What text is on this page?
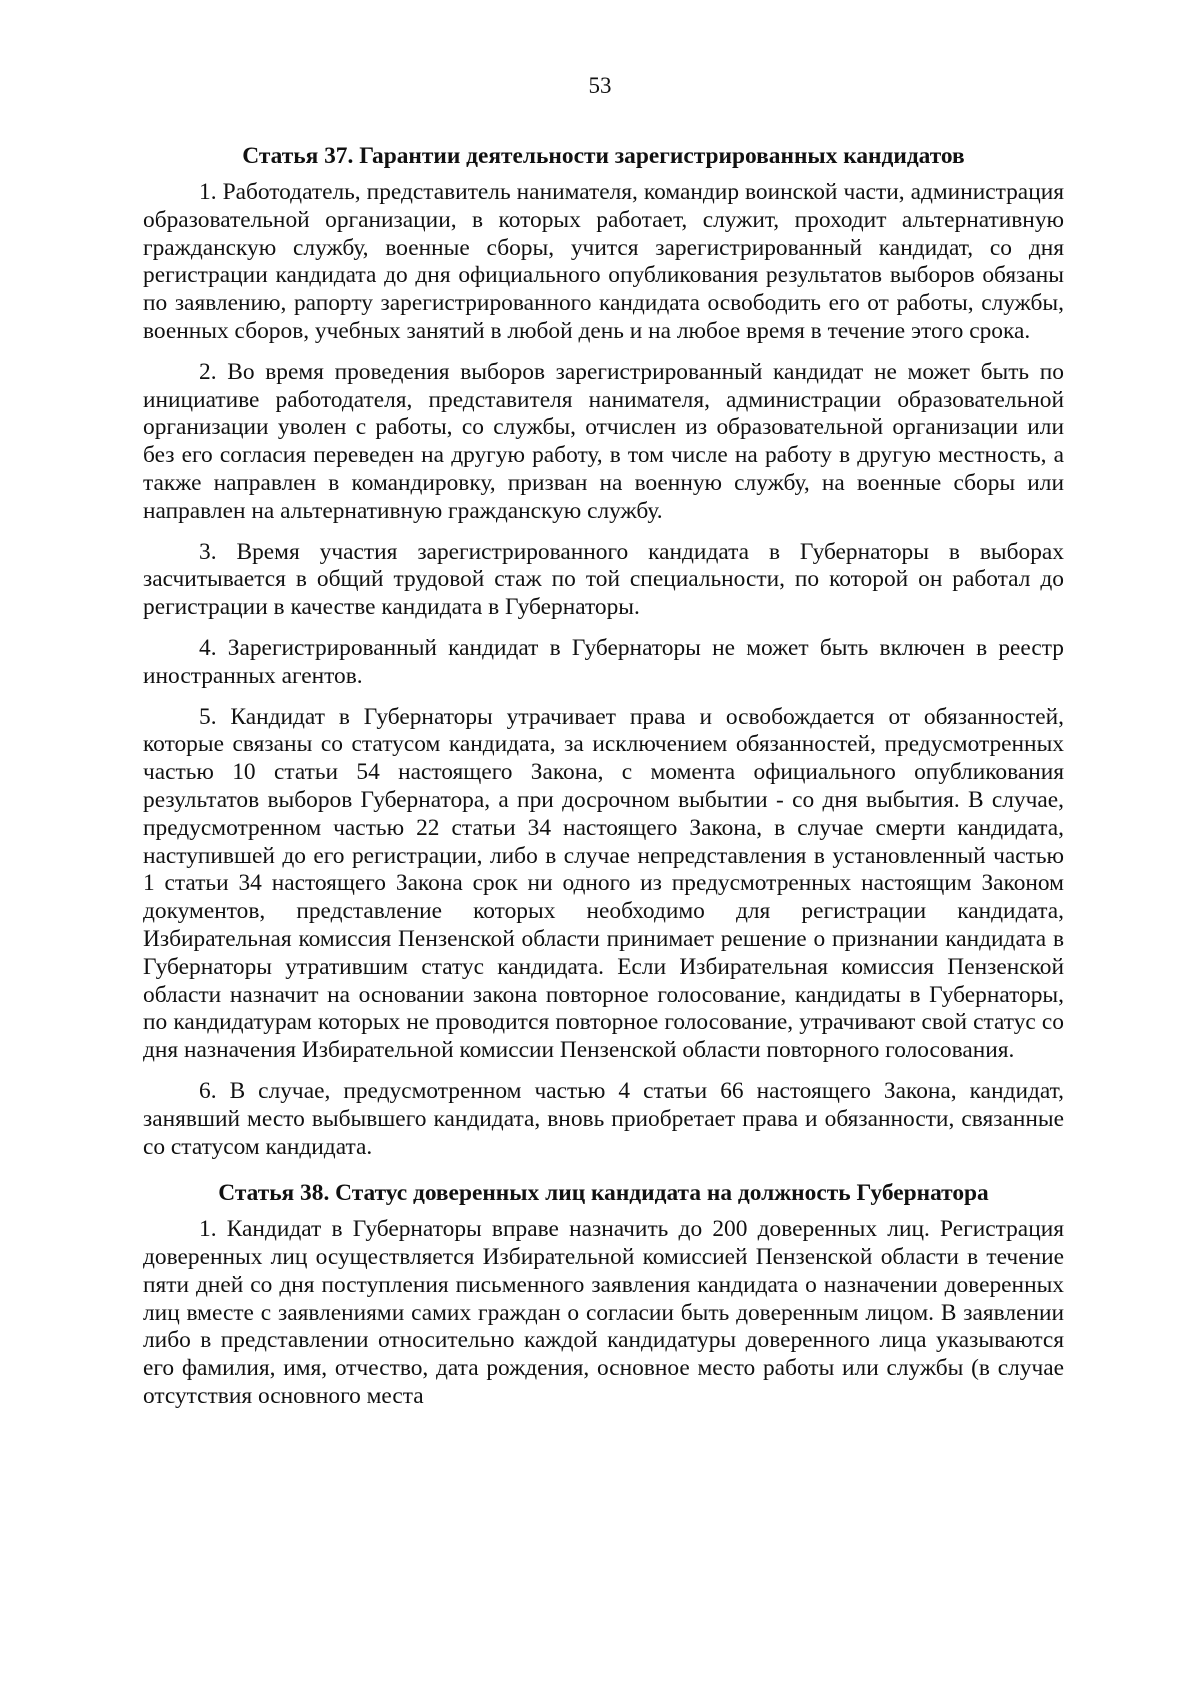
53
Статья 37. Гарантии деятельности зарегистрированных кандидатов

1. Работодатель, представитель нанимателя, командир воинской части, администрация образовательной организации, в которых работает, служит, проходит альтернативную гражданскую службу, военные сборы, учится зарегистрированный кандидат, со дня регистрации кандидата до дня официального опубликования результатов выборов обязаны по заявлению, рапорту зарегистрированного кандидата освободить его от работы, службы, военных сборов, учебных занятий в любой день и на любое время в течение этого срока.

2. Во время проведения выборов зарегистрированный кандидат не может быть по инициативе работодателя, представителя нанимателя, администрации образовательной организации уволен с работы, со службы, отчислен из образовательной организации или без его согласия переведен на другую работу, в том числе на работу в другую местность, а также направлен в командировку, призван на военную службу, на военные сборы или направлен на альтернативную гражданскую службу.

3. Время участия зарегистрированного кандидата в Губернаторы в выборах засчитывается в общий трудовой стаж по той специальности, по которой он работал до регистрации в качестве кандидата в Губернаторы.

4. Зарегистрированный кандидат в Губернаторы не может быть включен в реестр иностранных агентов.

5. Кандидат в Губернаторы утрачивает права и освобождается от обязанностей, которые связаны со статусом кандидата, за исключением обязанностей, предусмотренных частью 10 статьи 54 настоящего Закона, с момента официального опубликования результатов выборов Губернатора, а при досрочном выбытии - со дня выбытия. В случае, предусмотренном частью 22 статьи 34 настоящего Закона, в случае смерти кандидата, наступившей до его регистрации, либо в случае непредставления в установленный частью 1 статьи 34 настоящего Закона срок ни одного из предусмотренных настоящим Законом документов, представление которых необходимо для регистрации кандидата, Избирательная комиссия Пензенской области принимает решение о признании кандидата в Губернаторы утратившим статус кандидата. Если Избирательная комиссия Пензенской области назначит на основании закона повторное голосование, кандидаты в Губернаторы, по кандидатурам которых не проводится повторное голосование, утрачивают свой статус со дня назначения Избирательной комиссии Пензенской области повторного голосования.

6. В случае, предусмотренном частью 4 статьи 66 настоящего Закона, кандидат, занявший место выбывшего кандидата, вновь приобретает права и обязанности, связанные со статусом кандидата.

Статья 38. Статус доверенных лиц кандидата на должность Губернатора

1. Кандидат в Губернаторы вправе назначить до 200 доверенных лиц. Регистрация доверенных лиц осуществляется Избирательной комиссией Пензенской области в течение пяти дней со дня поступления письменного заявления кандидата о назначении доверенных лиц вместе с заявлениями самих граждан о согласии быть доверенным лицом. В заявлении либо в представлении относительно каждой кандидатуры доверенного лица указываются его фамилия, имя, отчество, дата рождения, основное место работы или службы (в случае отсутствия основного места
